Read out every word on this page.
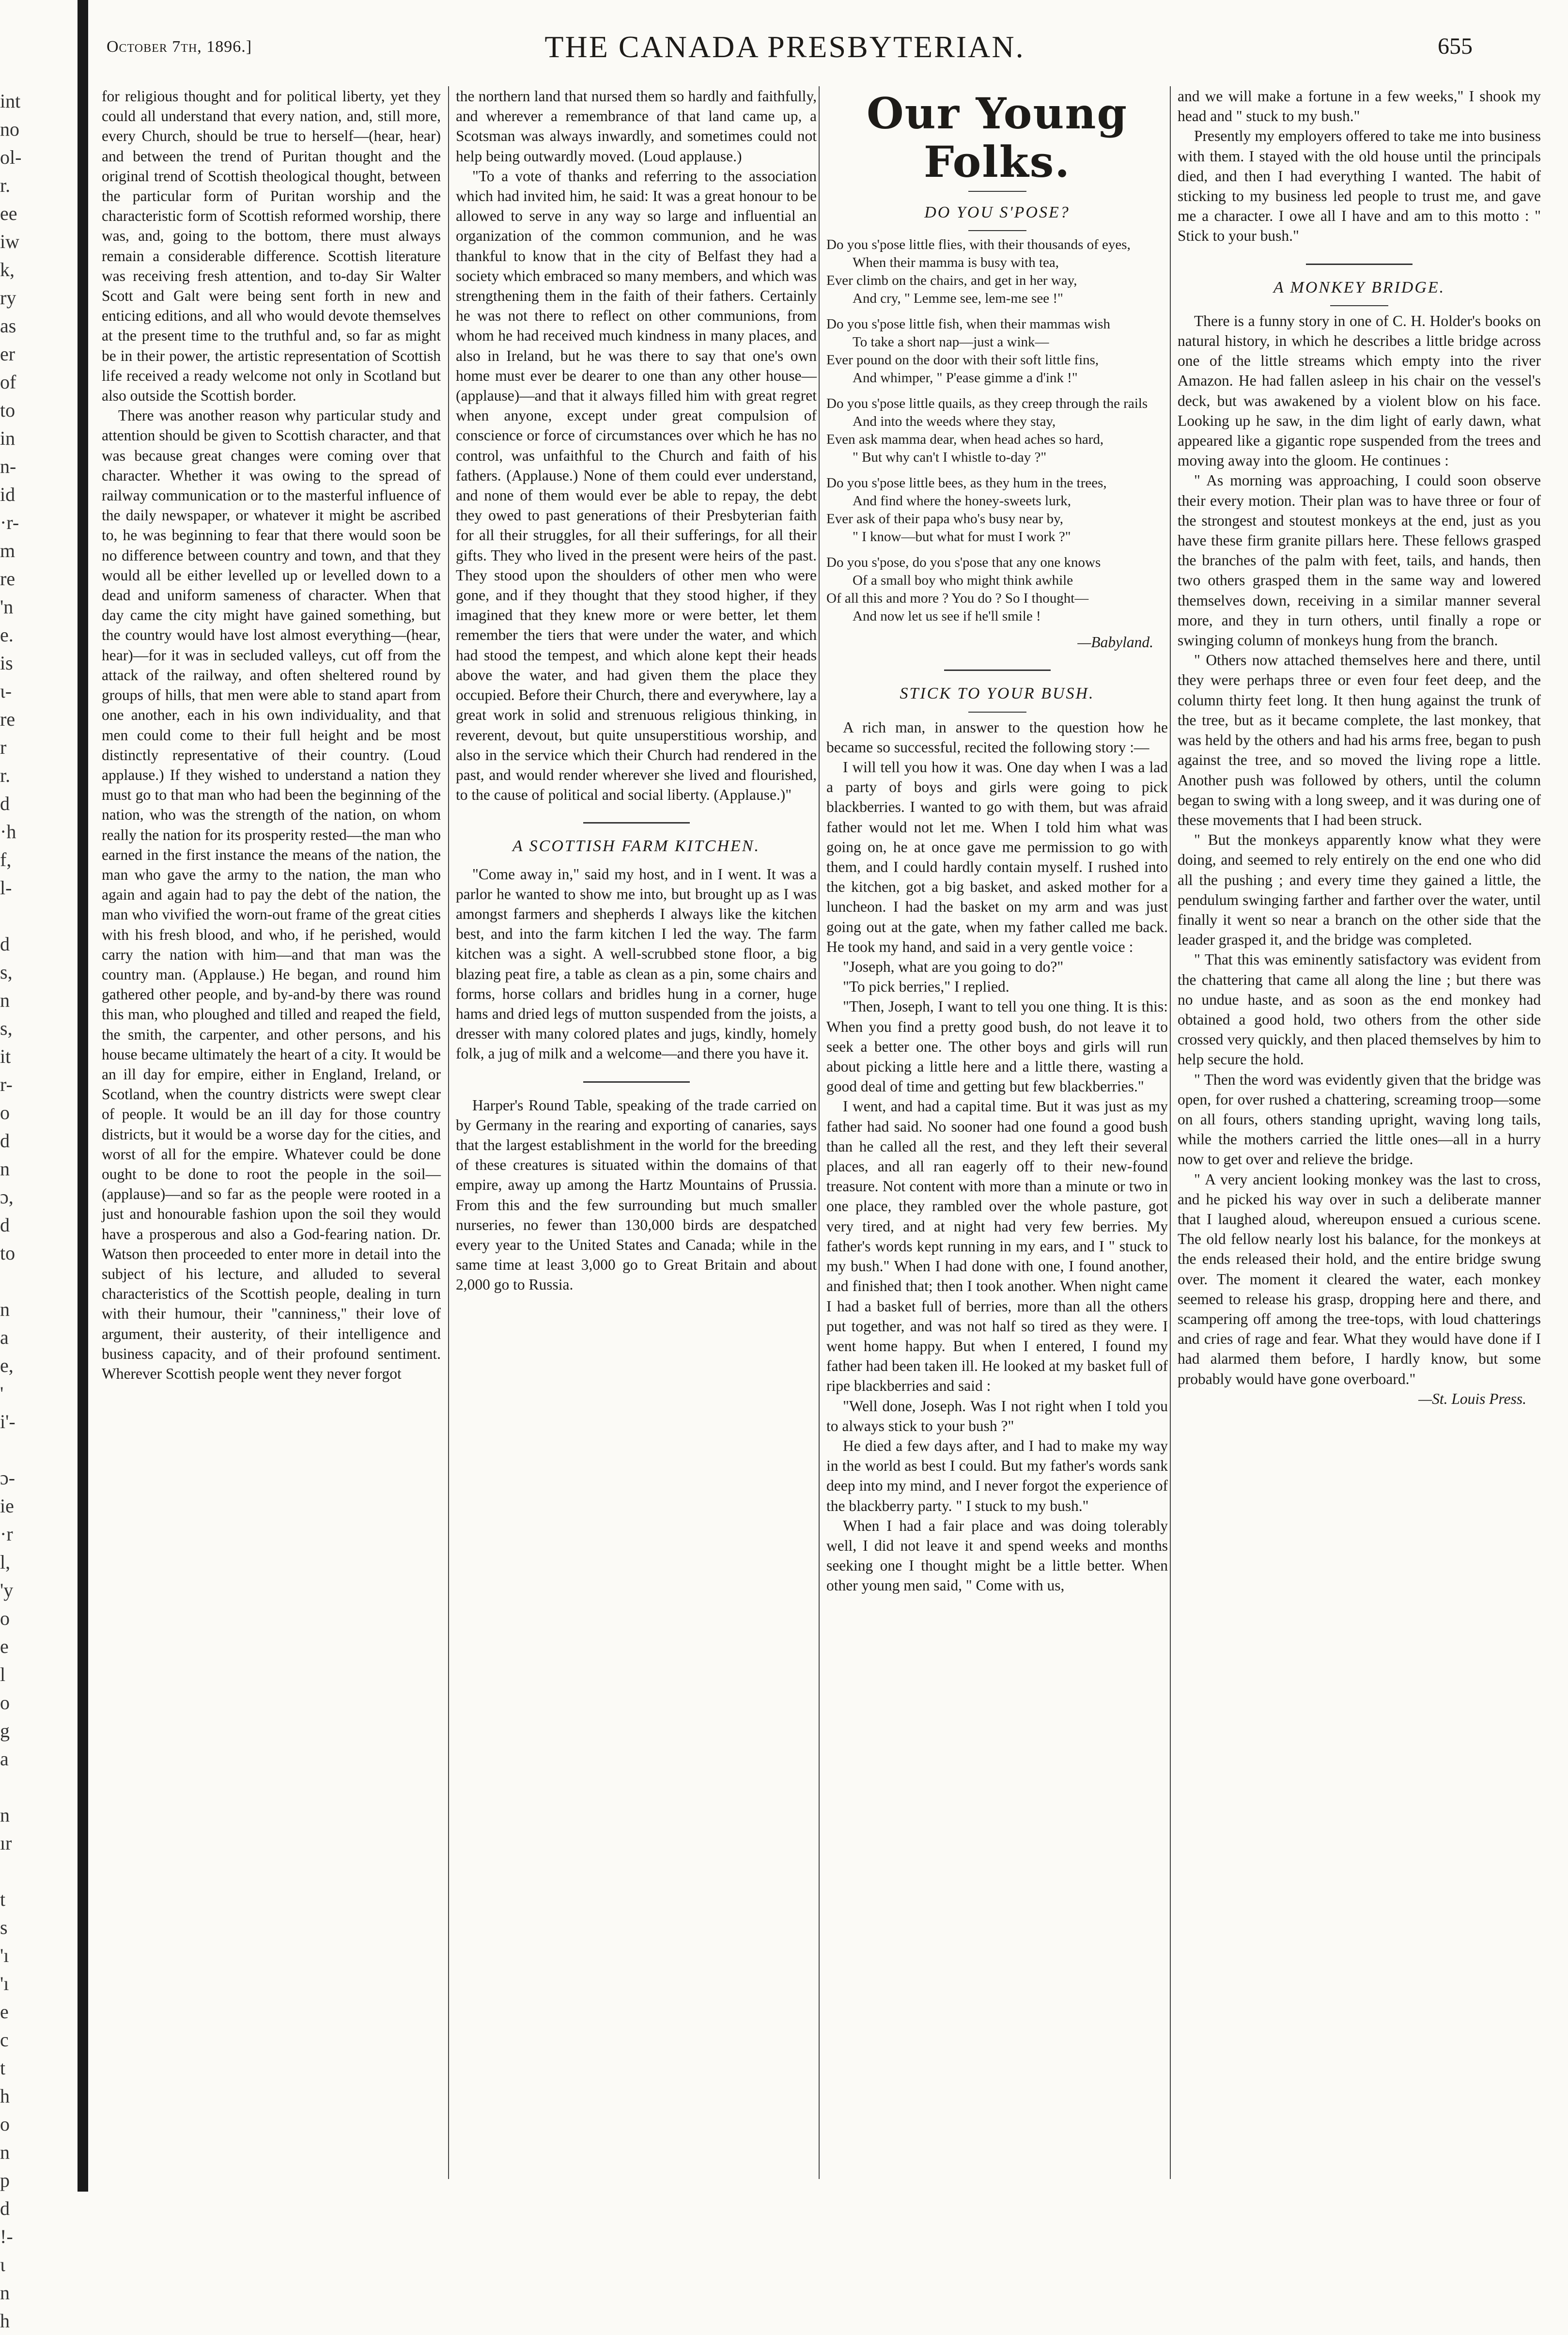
int
no
ol-
r.
ee
iw
k,
ry
as
er
of
to
in
n-
id
·r-
m
re
'n
e.
is
ι-
re
r
r.
d
·h
f,
l-
d
s,
n
s,
it
r-
o
d
n
ɔ,
d
to
n
a
e,
'
i'-
ɔ-
ie
·r
l,
'y
o
e
l
o
g
a
n
ır
t
s
'ı
'ı
e
c
t
h
o
n
p
d
!-
ι
n
h
October 7th, 1896.]	THE CANADA PRESBYTERIAN.	655

for religious thought and for political liberty, yet they could all understand that every nation, and, still more, every Church, should be true to herself—(hear, hear) and between the trend of Puritan thought and the original trend of Scottish theological thought, between the particular form of Puritan worship and the characteristic form of Scottish reformed worship, there was, and, going to the bottom, there must always remain a considerable difference. Scottish literature was receiving fresh attention, and to-day Sir Walter Scott and Galt were being sent forth in new and enticing editions, and all who would devote themselves at the present time to the truthful and, so far as might be in their power, the artistic representation of Scottish life received a ready welcome not only in Scotland but also outside the Scottish border.

There was another reason why particular study and attention should be given to Scottish character, and that was because great changes were coming over that character. Whether it was owing to the spread of railway communication or to the masterful influence of the daily newspaper, or whatever it might be ascribed to, he was beginning to fear that there would soon be no difference between country and town, and that they would all be either levelled up or levelled down to a dead and uniform sameness of character. When that day came the city might have gained something, but the country would have lost almost everything—(hear, hear)—for it was in secluded valleys, cut off from the attack of the railway, and often sheltered round by groups of hills, that men were able to stand apart from one another, each in his own individuality, and that men could come to their full height and be most distinctly representative of their country. (Loud applause.) If they wished to understand a nation they must go to that man who had been the beginning of the nation, who was the strength of the nation, on whom really the nation for its prosperity rested—the man who earned in the first instance the means of the nation, the man who gave the army to the nation, the man who again and again had to pay the debt of the nation, the man who vivified the worn-out frame of the great cities with his fresh blood, and who, if he perished, would carry the nation with him—and that man was the country man. (Applause.) He began, and round him gathered other people, and by-and-by there was round this man, who ploughed and tilled and reaped the field, the smith, the carpenter, and other persons, and his house became ultimately the heart of a city. It would be an ill day for empire, either in England, Ireland, or Scotland, when the country districts were swept clear of people. It would be an ill day for those country districts, but it would be a worse day for the cities, and worst of all for the empire. Whatever could be done ought to be done to root the people in the soil—(applause)—and so far as the people were rooted in a just and honourable fashion upon the soil they would have a prosperous and also a God-fearing nation. Dr. Watson then proceeded to enter more in detail into the subject of his lecture, and alluded to several characteristics of the Scottish people, dealing in turn with their humour, their "canniness," their love of argument, their austerity, of their intelligence and business capacity, and of their profound sentiment. Wherever Scottish people went they never forgot

the northern land that nursed them so hardly and faithfully, and wherever a remembrance of that land came up, a Scotsman was always inwardly, and sometimes could not help being outwardly moved. (Loud applause.)

"To a vote of thanks and referring to the association which had invited him, he said: It was a great honour to be allowed to serve in any way so large and influential an organization of the common communion, and he was thankful to know that in the city of Belfast they had a society which embraced so many members, and which was strengthening them in the faith of their fathers. Certainly he was not there to reflect on other communions, from whom he had received much kindness in many places, and also in Ireland, but he was there to say that one's own home must ever be dearer to one than any other house—(applause)—and that it always filled him with great regret when anyone, except under great compulsion of conscience or force of circumstances over which he has no control, was unfaithful to the Church and faith of his fathers. (Applause.) None of them could ever understand, and none of them would ever be able to repay, the debt they owed to past generations of their Presbyterian faith for all their struggles, for all their sufferings, for all their gifts. They who lived in the present were heirs of the past. They stood upon the shoulders of other men who were gone, and if they thought that they stood higher, if they imagined that they knew more or were better, let them remember the tiers that were under the water, and which had stood the tempest, and which alone kept their heads above the water, and had given them the place they occupied. Before their Church, there and everywhere, lay a great work in solid and strenuous religious thinking, in reverent, devout, but quite unsuperstitious worship, and also in the service which their Church had rendered in the past, and would render wherever she lived and flourished, to the cause of political and social liberty. (Applause.)"

A SCOTTISH FARM KITCHEN.

"Come away in," said my host, and in I went. It was a parlor he wanted to show me into, but brought up as I was amongst farmers and shepherds I always like the kitchen best, and into the farm kitchen I led the way. The farm kitchen was a sight. A well-scrubbed stone floor, a big blazing peat fire, a table as clean as a pin, some chairs and forms, horse collars and bridles hung in a corner, huge hams and dried legs of mutton suspended from the joists, a dresser with many colored plates and jugs, kindly, homely folk, a jug of milk and a welcome—and there you have it.

Harper's Round Table, speaking of the trade carried on by Germany in the rearing and exporting of canaries, says that the largest establishment in the world for the breeding of these creatures is situated within the domains of that empire, away up among the Hartz Mountains of Prussia. From this and the few surrounding but much smaller nurseries, no fewer than 130,000 birds are despatched every year to the United States and Canada; while in the same time at least 3,000 go to Great Britain and about 2,000 go to Russia.

Our Young Folks.
DO YOU S'POSE?
Do you s'pose little flies, with their thousands of eyes,
When their mamma is busy with tea,
Ever climb on the chairs, and get in her way,
And cry, " Lemme see, lem-me see !"
Do you s'pose little fish, when their mammas wish
To take a short nap—just a wink—
Ever pound on the door with their soft little fins,
And whimper, " P'ease gimme a d'ink !"
Do you s'pose little quails, as they creep through the rails
And into the weeds where they stay,
Even ask mamma dear, when head aches so hard,
" But why can't I whistle to-day ?"
Do you s'pose little bees, as they hum in the trees,
And find where the honey-sweets lurk,
Ever ask of their papa who's busy near by,
" I know—but what for must I work ?"
Do you s'pose, do you s'pose that any one knows
Of a small boy who might think awhile
Of all this and more ? You do ? So I thought—
And now let us see if he'll smile !
—Babyland.
STICK TO YOUR BUSH.

A rich man, in answer to the question how he became so successful, recited the following story :—

I will tell you how it was. One day when I was a lad a party of boys and girls were going to pick blackberries. I wanted to go with them, but was afraid father would not let me. When I told him what was going on, he at once gave me permission to go with them, and I could hardly contain myself. I rushed into the kitchen, got a big basket, and asked mother for a luncheon. I had the basket on my arm and was just going out at the gate, when my father called me back. He took my hand, and said in a very gentle voice :

"Joseph, what are you going to do?"

"To pick berries," I replied.

"Then, Joseph, I want to tell you one thing. It is this: When you find a pretty good bush, do not leave it to seek a better one. The other boys and girls will run about picking a little here and a little there, wasting a good deal of time and getting but few blackberries."

I went, and had a capital time. But it was just as my father had said. No sooner had one found a good bush than he called all the rest, and they left their several places, and all ran eagerly off to their new-found treasure. Not content with more than a minute or two in one place, they rambled over the whole pasture, got very tired, and at night had very few berries. My father's words kept running in my ears, and I " stuck to my bush." When I had done with one, I found another, and finished that; then I took another. When night came I had a basket full of berries, more than all the others put together, and was not half so tired as they were. I went home happy. But when I entered, I found my father had been taken ill. He looked at my basket full of ripe blackberries and said :

"Well done, Joseph. Was I not right when I told you to always stick to your bush ?"

He died a few days after, and I had to make my way in the world as best I could. But my father's words sank deep into my mind, and I never forgot the experience of the blackberry party. " I stuck to my bush."

When I had a fair place and was doing tolerably well, I did not leave it and spend weeks and months seeking one I thought might be a little better. When other young men said, " Come with us,

and we will make a fortune in a few weeks," I shook my head and " stuck to my bush."

Presently my employers offered to take me into business with them. I stayed with the old house until the principals died, and then I had everything I wanted. The habit of sticking to my business led people to trust me, and gave me a character. I owe all I have and am to this motto : " Stick to your bush."

A MONKEY BRIDGE.

There is a funny story in one of C. H. Holder's books on natural history, in which he describes a little bridge across one of the little streams which empty into the river Amazon. He had fallen asleep in his chair on the vessel's deck, but was awakened by a violent blow on his face. Looking up he saw, in the dim light of early dawn, what appeared like a gigantic rope suspended from the trees and moving away into the gloom. He continues :

" As morning was approaching, I could soon observe their every motion. Their plan was to have three or four of the strongest and stoutest monkeys at the end, just as you have these firm granite pillars here. These fellows grasped the branches of the palm with feet, tails, and hands, then two others grasped them in the same way and lowered themselves down, receiving in a similar manner several more, and they in turn others, until finally a rope or swinging column of monkeys hung from the branch.

" Others now attached themselves here and there, until they were perhaps three or even four feet deep, and the column thirty feet long. It then hung against the trunk of the tree, but as it became complete, the last monkey, that was held by the others and had his arms free, began to push against the tree, and so moved the living rope a little. Another push was followed by others, until the column began to swing with a long sweep, and it was during one of these movements that I had been struck.

" But the monkeys apparently know what they were doing, and seemed to rely entirely on the end one who did all the pushing ; and every time they gained a little, the pendulum swinging farther and farther over the water, until finally it went so near a branch on the other side that the leader grasped it, and the bridge was completed.

" That this was eminently satisfactory was evident from the chattering that came all along the line ; but there was no undue haste, and as soon as the end monkey had obtained a good hold, two others from the other side crossed very quickly, and then placed themselves by him to help secure the hold.

" Then the word was evidently given that the bridge was open, for over rushed a chattering, screaming troop—some on all fours, others standing upright, waving long tails, while the mothers carried the little ones—all in a hurry now to get over and relieve the bridge.

" A very ancient looking monkey was the last to cross, and he picked his way over in such a deliberate manner that I laughed aloud, whereupon ensued a curious scene. The old fellow nearly lost his balance, for the monkeys at the ends released their hold, and the entire bridge swung over. The moment it cleared the water, each monkey seemed to release his grasp, dropping here and there, and scampering off among the tree-tops, with loud chatterings and cries of rage and fear. What they would have done if I had alarmed them before, I hardly know, but some probably would have gone overboard."

—St. Louis Press.
